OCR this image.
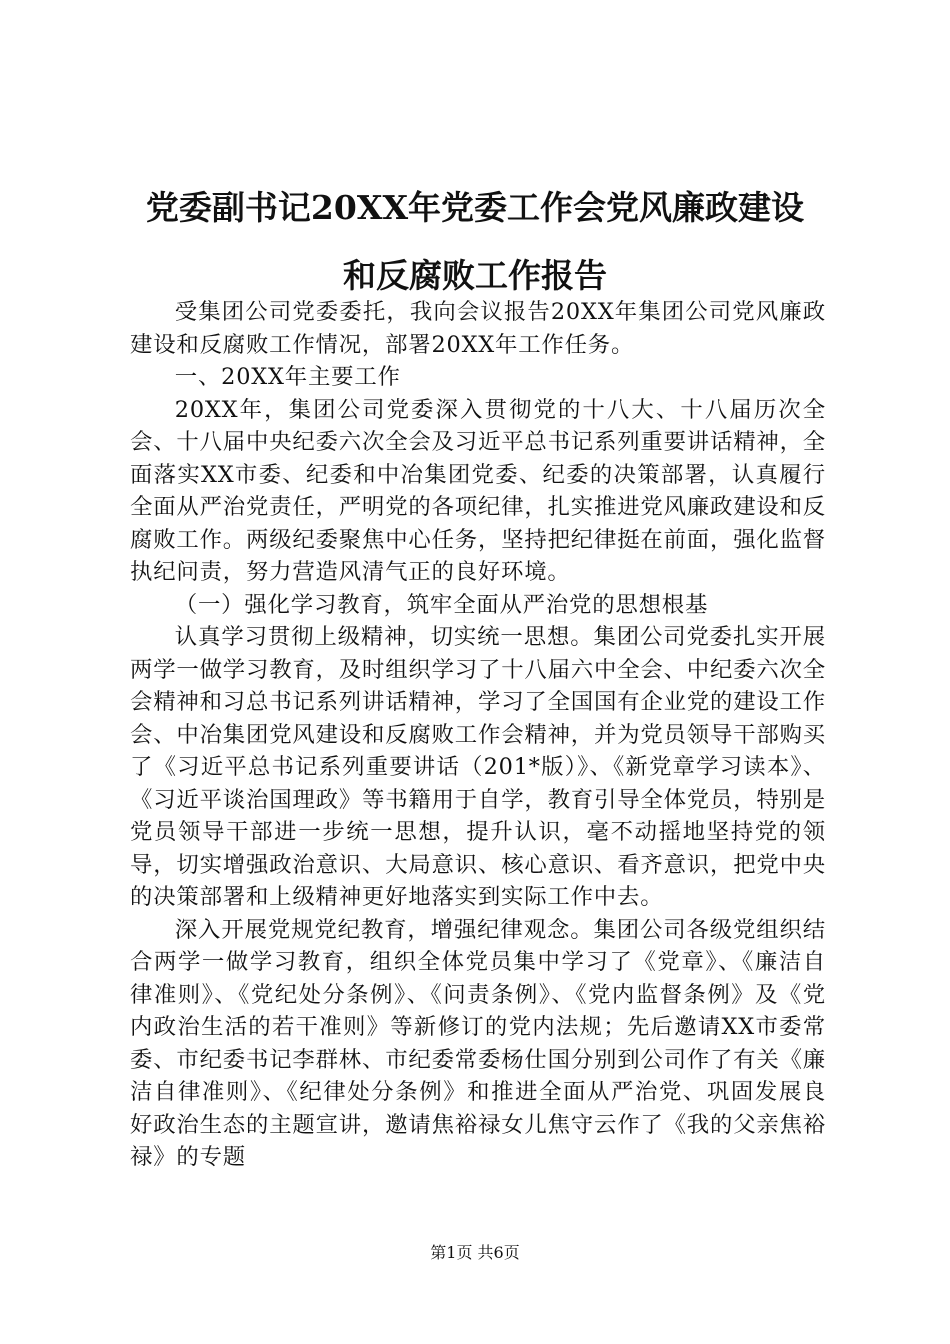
党委副书记20XX年党委工作会党风廉政建设
和反腐败工作报告

受集团公司党委委托，我向会议报告20XX年集团公司党风廉政建设和反腐败工作情况，部署20XX年工作任务。

一、20XX年主要工作

20XX年，集团公司党委深入贯彻党的十八大、十八届历次全会、十八届中央纪委六次全会及习近平总书记系列重要讲话精神，全面落实XX市委、纪委和中冶集团党委、纪委的决策部署，认真履行全面从严治党责任，严明党的各项纪律，扎实推进党风廉政建设和反腐败工作。两级纪委聚焦中心任务，坚持把纪律挺在前面，强化监督执纪问责，努力营造风清气正的良好环境。

（一）强化学习教育，筑牢全面从严治党的思想根基

认真学习贯彻上级精神，切实统一思想。集团公司党委扎实开展两学一做学习教育，及时组织学习了十八届六中全会、中纪委六次全会精神和习总书记系列讲话精神，学习了全国国有企业党的建设工作会、中冶集团党风建设和反腐败工作会精神，并为党员领导干部购买了《习近平总书记系列重要讲话（201*版）》、《新党章学习读本》、《习近平谈治国理政》等书籍用于自学，教育引导全体党员，特别是党员领导干部进一步统一思想，提升认识，毫不动摇地坚持党的领导，切实增强政治意识、大局意识、核心意识、看齐意识，把党中央的决策部署和上级精神更好地落实到实际工作中去。

深入开展党规党纪教育，增强纪律观念。集团公司各级党组织结合两学一做学习教育，组织全体党员集中学习了《党章》、《廉洁自律准则》、《党纪处分条例》、《问责条例》、《党内监督条例》及《党内政治生活的若干准则》等新修订的党内法规；先后邀请XX市委常委、市纪委书记李群林、市纪委常委杨仕国分别到公司作了有关《廉洁自律准则》、《纪律处分条例》和推进全面从严治党、巩固发展良好政治生态的主题宣讲，邀请焦裕禄女儿焦守云作了《我的父亲焦裕禄》的专题

第1页 共6页
